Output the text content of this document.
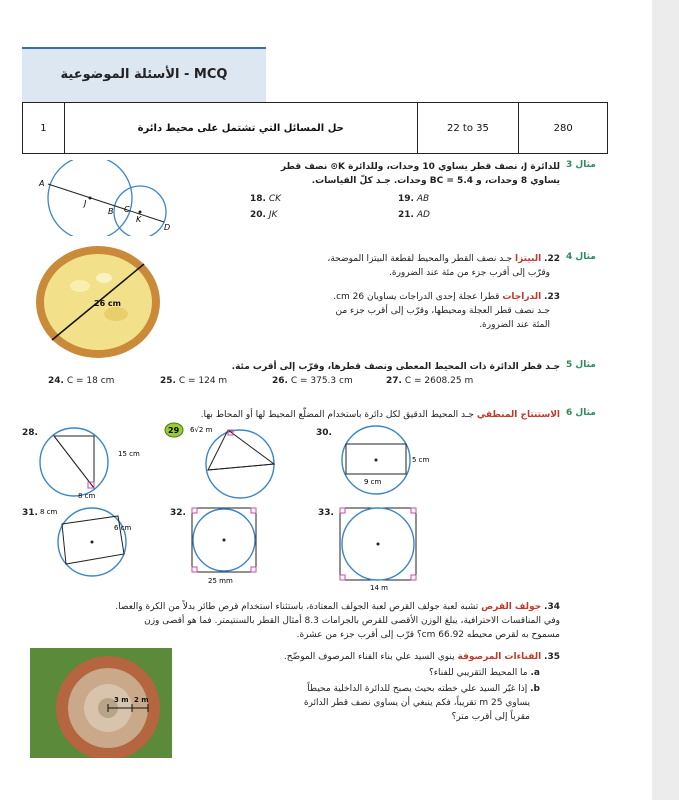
الأسئلة الموضوعية - MCQ
1	حل المسائل التي تشتمل على محيط دائرة	22 to 35	280
مثال 3
للدائرة J، نصف قطر يساوي 10 وحدات، وللدائرة K⊙ نصف قطر
يساوي 8 وحدات، و BC = 5.4 وحدات. جـد كلّ القياسات.
A
J
B C
K
D
19. AB
18. CK
21. AD
20. JK
مثال 4
22. البيتزا جـد نصف القطر والمحيط لقطعة البيتزا الموضحة،
وقرّب إلى أقرب جزء من مئة عند الضرورة.
26 cm
23. الدراجات قطرا عجلة إحدى الدراجات يساويان 26 cm.
جـد نصف قطر العجلة ومحيطها، وقرّب إلى أقرب جزء من
المئة عند الضرورة.
مثال 5
جـد قطر الدائرة ذات المحيط المعطى ونصف قطرها، وقرّب إلى أقرب مئة.
24. C = 18 cm	25. C = 124 m	26. C = 375.3 cm	27. C = 2608.25 m
مثال 6
الاستنتاج المنطقي جـد المحيط الدقيق لكل دائرة باستخدام المضلّع المحيط لها أو المحاط بها.
28.
15 cm
8 cm
29 6√2 m	30.
5 cm
9 cm
31. 8 cm
6 cm
32.
25 mm
33.
14 m
34. جولف القرص تشبه لعبة جولف القرص لعبة الجولف المعتادة، باستثناء استخدام قرص طائر بدلاً من الكرة والعصا.
وفي المناقسات الاحترافية، يبلغ الوزن الأقصى للقرص بالجرامات 8.3 أمثال القطر بالسنتيمتر. فما هو أقصى وزن
مسموح به لقرص محيطه 66.92 cm؟ قرّب إلى أقرب جزء من عشرة.
35. القناءات المرصوفة ينوي السيد علي بناء الفناء المرصوف الموضّح.
a. ما المحيط التقريبي للفناء؟
b. إذا غيّر السيد علي خطته بحيث يصبح للدائرة الداخلية محيطاً
يساوي 25 m تقريباً، فكم ينبغي أن يساوي نصف قطر الدائرة
مقرباً إلى أقرب متر؟
3 m 2 m
